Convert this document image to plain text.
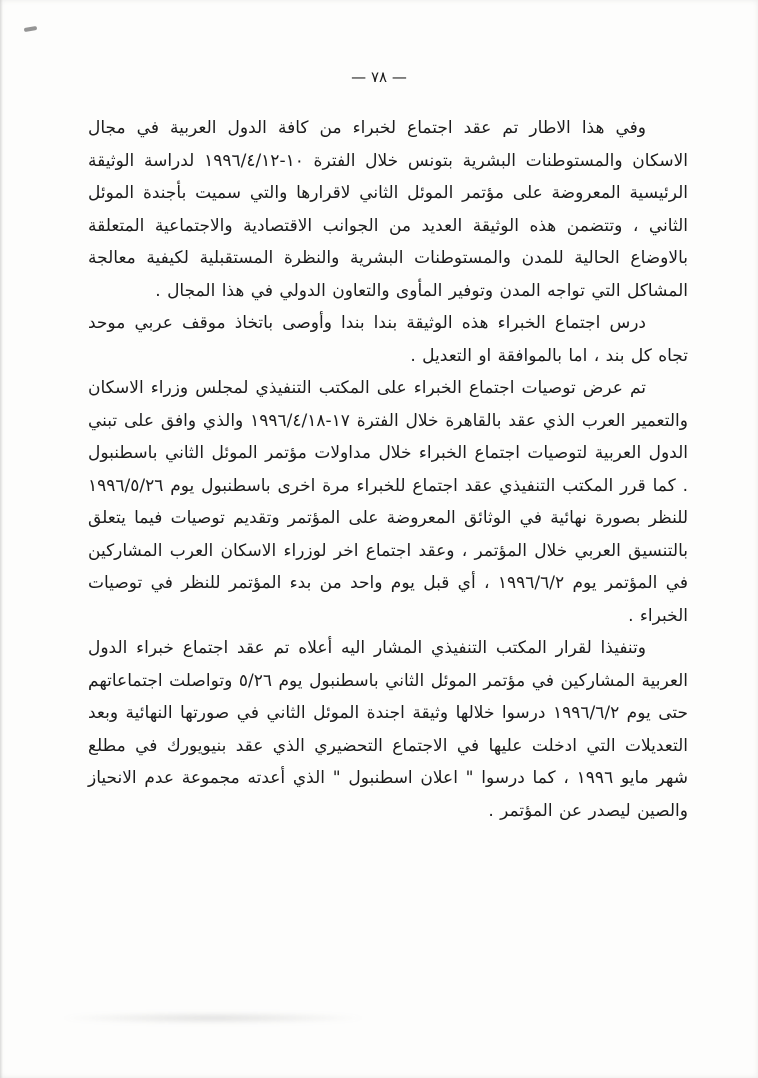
— ٧٨ —

وفي هذا الاطار تم عقد اجتماع لخبراء من كافة الدول العربية في مجال الاسكان والمستوطنات البشرية بتونس خلال الفترة ١٠-١٩٩٦/٤/١٢ لدراسة الوثيقة الرئيسية المعروضة على مؤتمر الموئل الثاني لاقرارها والتي سميت بأجندة الموئل الثاني ، وتتضمن هذه الوثيقة العديد من الجوانب الاقتصادية والاجتماعية المتعلقة بالاوضاع الحالية للمدن والمستوطنات البشرية والنظرة المستقبلية لكيفية معالجة المشاكل التي تواجه المدن وتوفير المأوى والتعاون الدولي في هذا المجال .

درس اجتماع الخبراء هذه الوثيقة بندا بندا وأوصى باتخاذ موقف عربي موحد تجاه كل بند ، اما بالموافقة او التعديل .

تم عرض توصيات اجتماع الخبراء على المكتب التنفيذي لمجلس وزراء الاسكان والتعمير العرب الذي عقد بالقاهرة خلال الفترة ١٧-١٩٩٦/٤/١٨ والذي وافق على تبني الدول العربية لتوصيات اجتماع الخبراء خلال مداولات مؤتمر الموئل الثاني باسطنبول . كما قرر المكتب التنفيذي عقد اجتماع للخبراء مرة اخرى باسطنبول يوم ١٩٩٦/٥/٢٦ للنظر بصورة نهائية في الوثائق المعروضة على المؤتمر وتقديم توصيات فيما يتعلق بالتنسيق العربي خلال المؤتمر ، وعقد اجتماع اخر لوزراء الاسكان العرب المشاركين في المؤتمر يوم ١٩٩٦/٦/٢ ، أي قبل يوم واحد من بدء المؤتمر للنظر في توصيات الخبراء .

وتنفيذا لقرار المكتب التنفيذي المشار اليه أعلاه تم عقد اجتماع خبراء الدول العربية المشاركين في مؤتمر الموئل الثاني باسطنبول يوم ٥/٢٦ وتواصلت اجتماعاتهم حتى يوم ١٩٩٦/٦/٢ درسوا خلالها وثيقة اجندة الموئل الثاني في صورتها النهائية وبعد التعديلات التي ادخلت عليها في الاجتماع التحضيري الذي عقد بنيويورك في مطلع شهر مايو ١٩٩٦ ، كما درسوا " اعلان اسطنبول " الذي أعدته مجموعة عدم الانحياز والصين ليصدر عن المؤتمر .
